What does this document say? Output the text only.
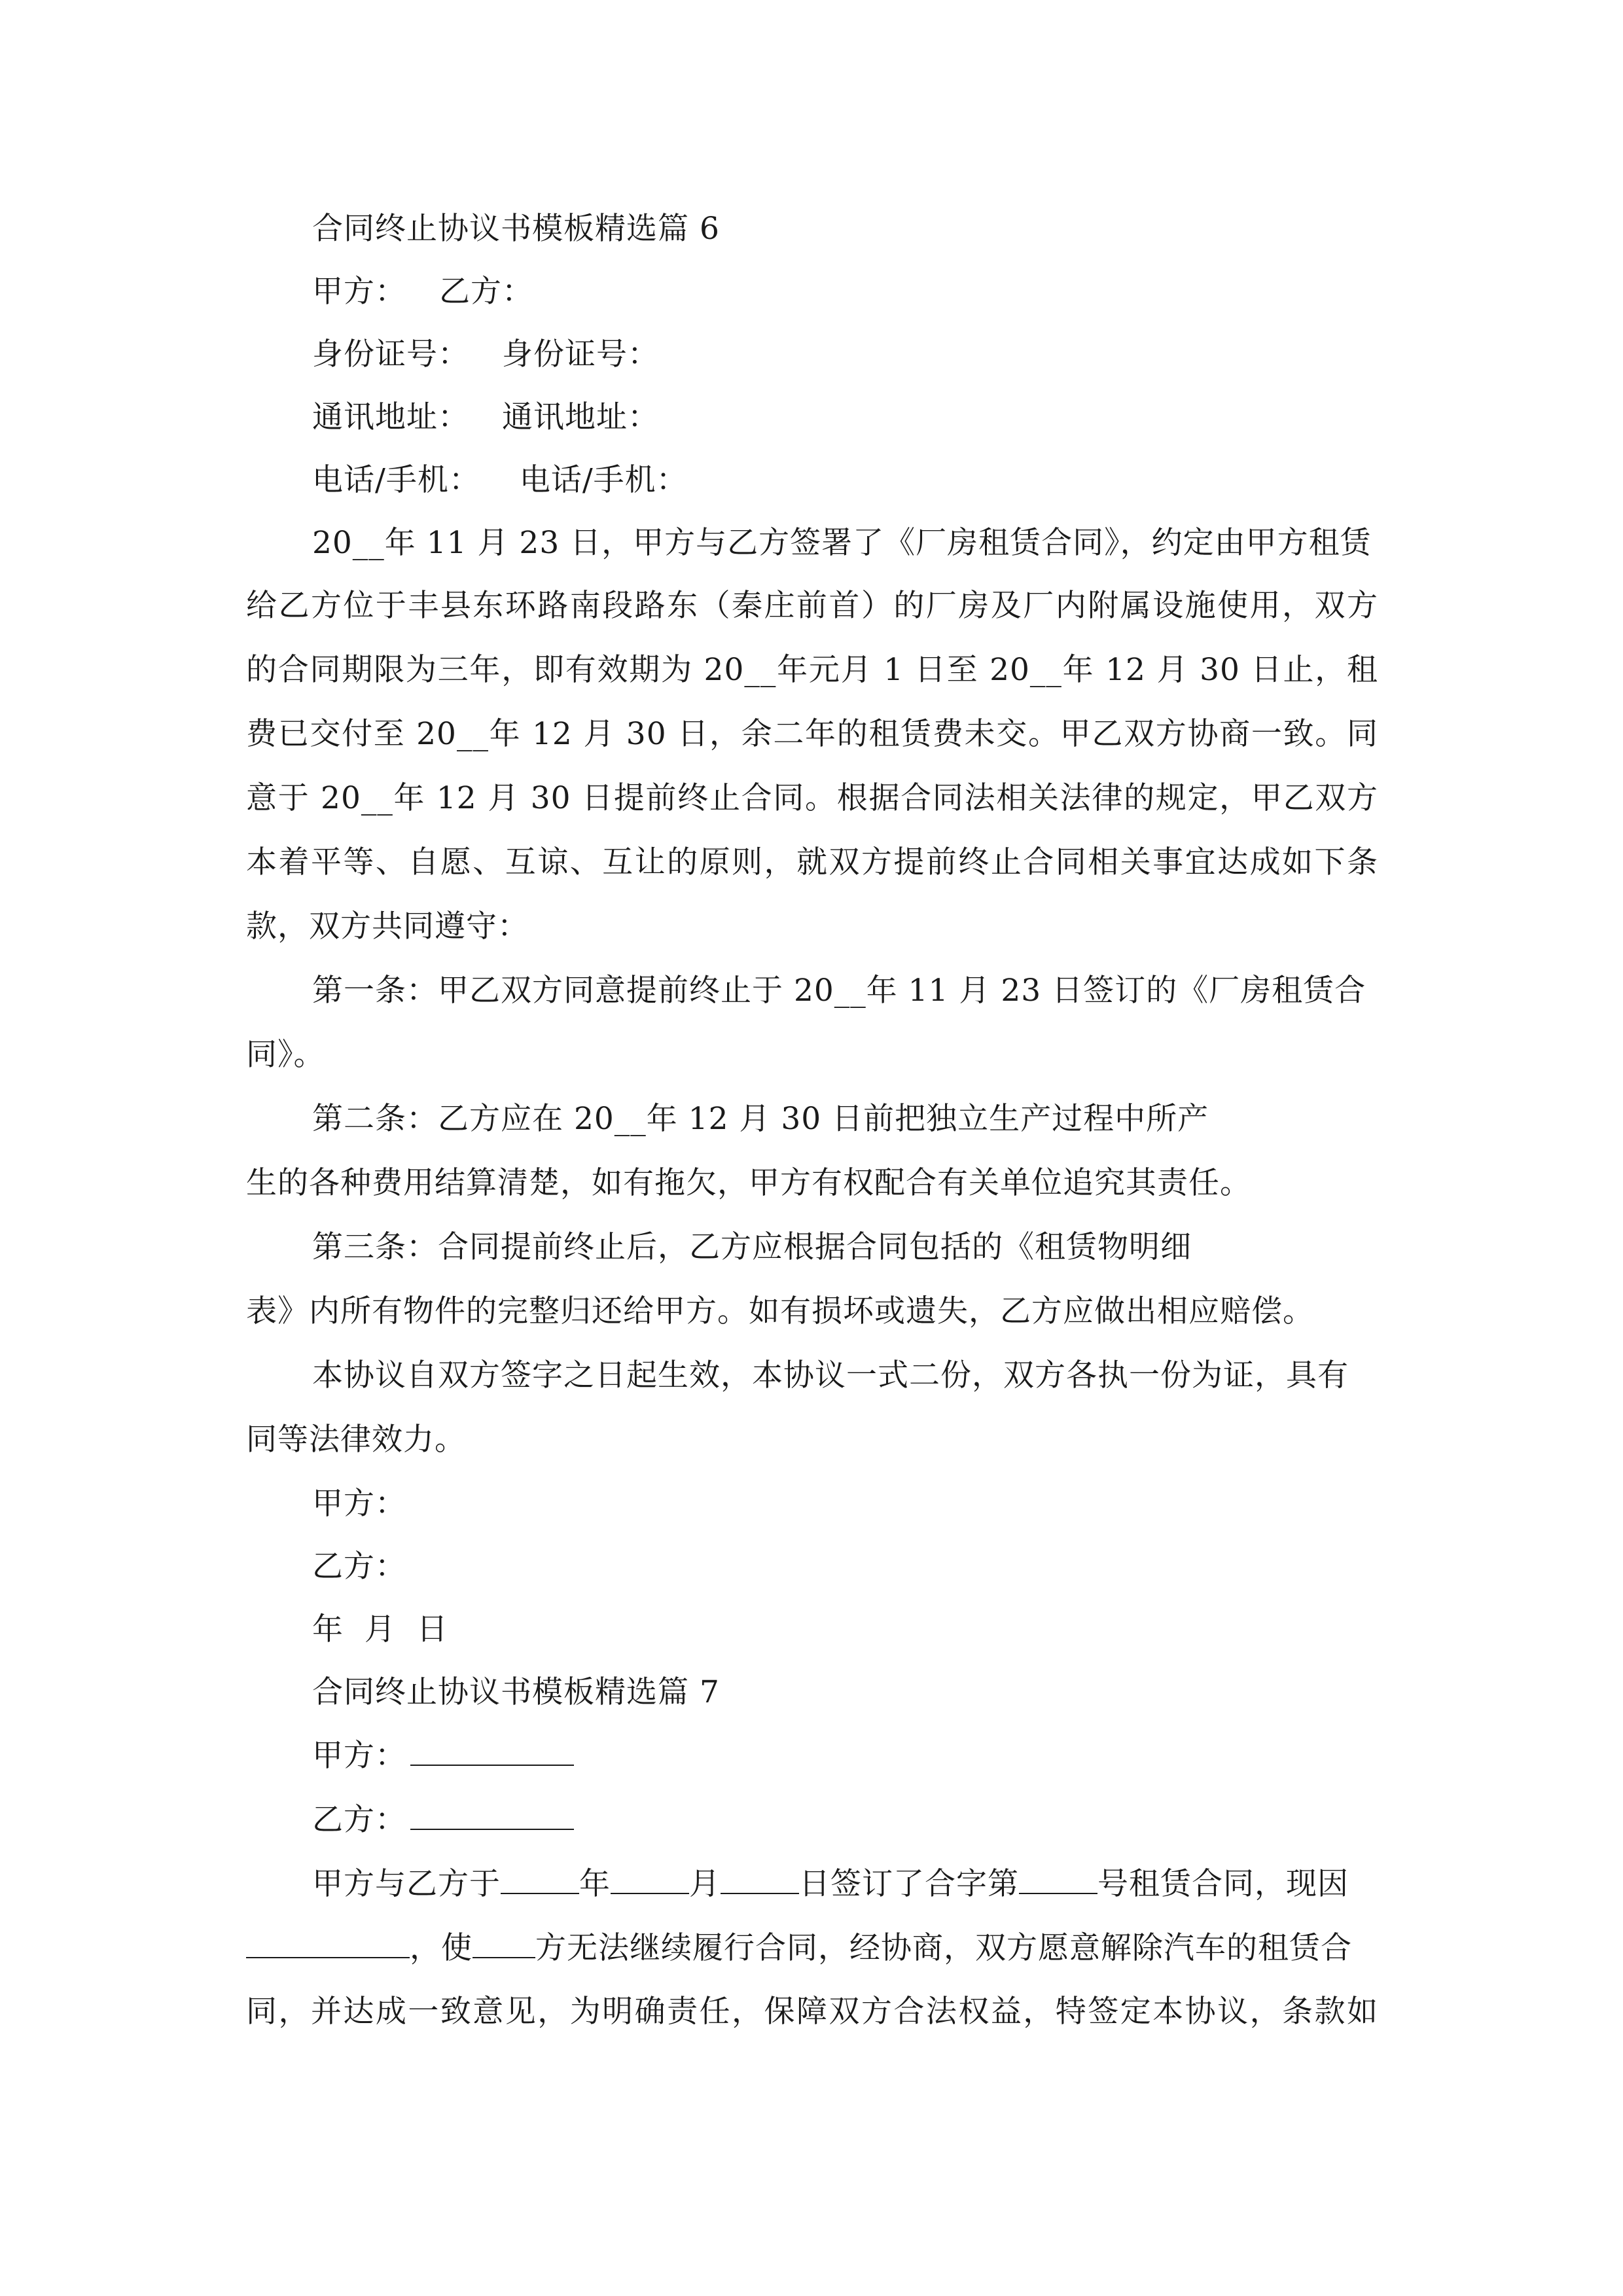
合同终止协议书模板精选篇 6
甲方： 乙方：
身份证号： 身份证号：
通讯地址： 通讯地址：
电话/手机： 电话/手机：
20__年 11 月 23 日，甲方与乙方签署了《厂房租赁合同》，约定由甲方租赁
给乙方位于丰县东环路南段路东（秦庄前首）的厂房及厂内附属设施使用，双方
的合同期限为三年，即有效期为 20__年元月 1 日至 20__年 12 月 30 日止，租
费已交付至 20__年 12 月 30 日，余二年的租赁费未交。甲乙双方协商一致。同
意于 20__年 12 月 30 日提前终止合同。根据合同法相关法律的规定，甲乙双方
本着平等、自愿、互谅、互让的原则，就双方提前终止合同相关事宜达成如下条
款，双方共同遵守：
第一条：甲乙双方同意提前终止于 20__年 11 月 23 日签订的《厂房租赁合
同》。
第二条：乙方应在 20__年 12 月 30 日前把独立生产过程中所产
生的各种费用结算清楚，如有拖欠，甲方有权配合有关单位追究其责任。
第三条：合同提前终止后，乙方应根据合同包括的《租赁物明细
表》内所有物件的完整归还给甲方。如有损坏或遗失，乙方应做出相应赔偿。
本协议自双方签字之日起生效，本协议一式二份，双方各执一份为证，具有
同等法律效力。
甲方：
乙方：
年  月  日
合同终止协议书模板精选篇 7
甲方：
乙方：
甲方与乙方于	年	月	日签订了合字第	号租赁合同，现因
，使 方无法继续履行合同，经协商，双方愿意解除汽车的租赁合
同，并达成一致意见，为明确责任，保障双方合法权益，特签定本协议，条款如
